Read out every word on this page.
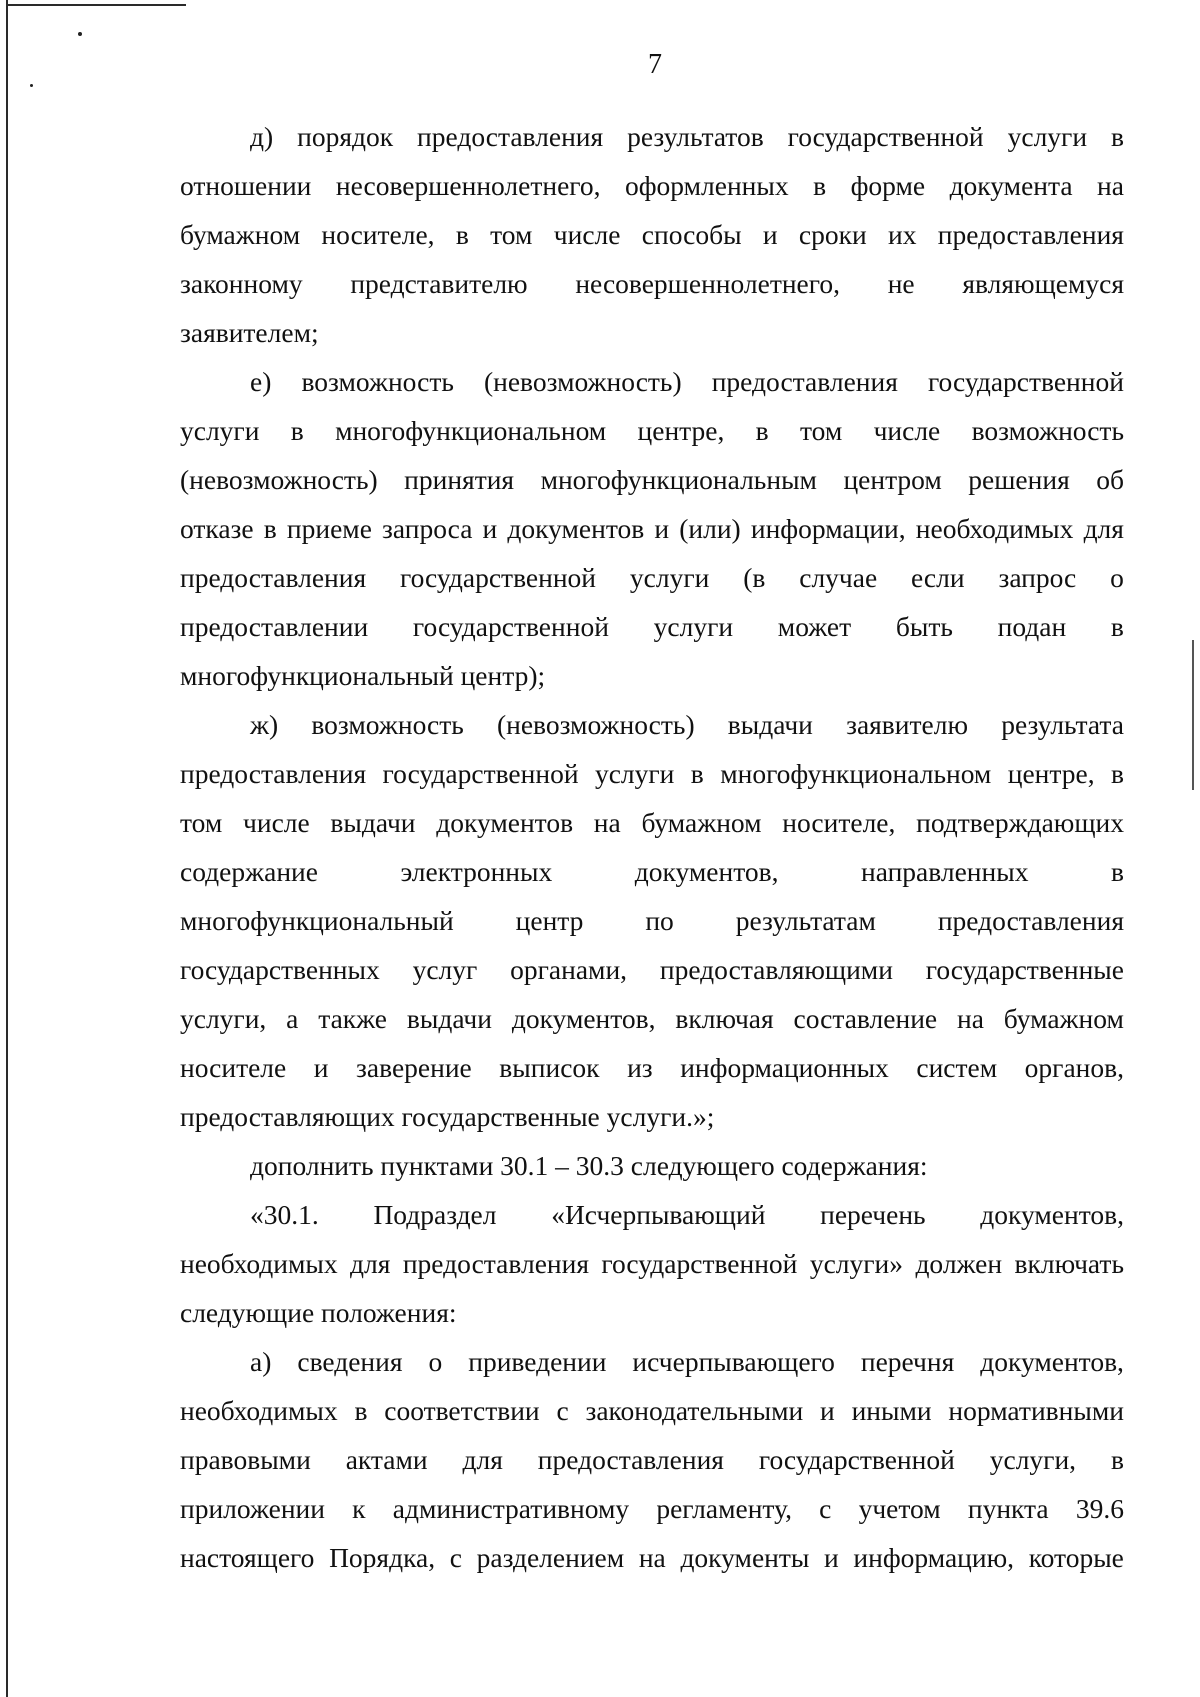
7
д) порядок предоставления результатов государственной услуги в
отношении несовершеннолетнего, оформленных в форме документа на
бумажном носителе, в том числе способы и сроки их предоставления
законному представителю несовершеннолетнего, не являющемуся
заявителем;
е) возможность (невозможность) предоставления государственной
услуги в многофункциональном центре, в том числе возможность
(невозможность) принятия многофункциональным центром решения об
отказе в приеме запроса и документов и (или) информации, необходимых для
предоставления государственной услуги (в случае если запрос о
предоставлении государственной услуги может быть подан в
многофункциональный центр);
ж) возможность (невозможность) выдачи заявителю результата
предоставления государственной услуги в многофункциональном центре, в
том числе выдачи документов на бумажном носителе, подтверждающих
содержание	электронных	документов,	направленных	в
многофункциональный центр по результатам предоставления
государственных услуг органами, предоставляющими государственные
услуги, а также выдачи документов, включая составление на бумажном
носителе и заверение выписок из информационных систем органов,
предоставляющих государственные услуги.»;
дополнить пунктами 30.1 – 30.3 следующего содержания:
«30.1. Подраздел «Исчерпывающий перечень документов,
необходимых для предоставления государственной услуги» должен включать
следующие положения:
а) сведения о приведении исчерпывающего перечня документов,
необходимых в соответствии с законодательными и иными нормативными
правовыми актами для предоставления государственной услуги, в
приложении к административному регламенту, с учетом пункта 39.6
настоящего Порядка, с разделением на документы и информацию, которые
